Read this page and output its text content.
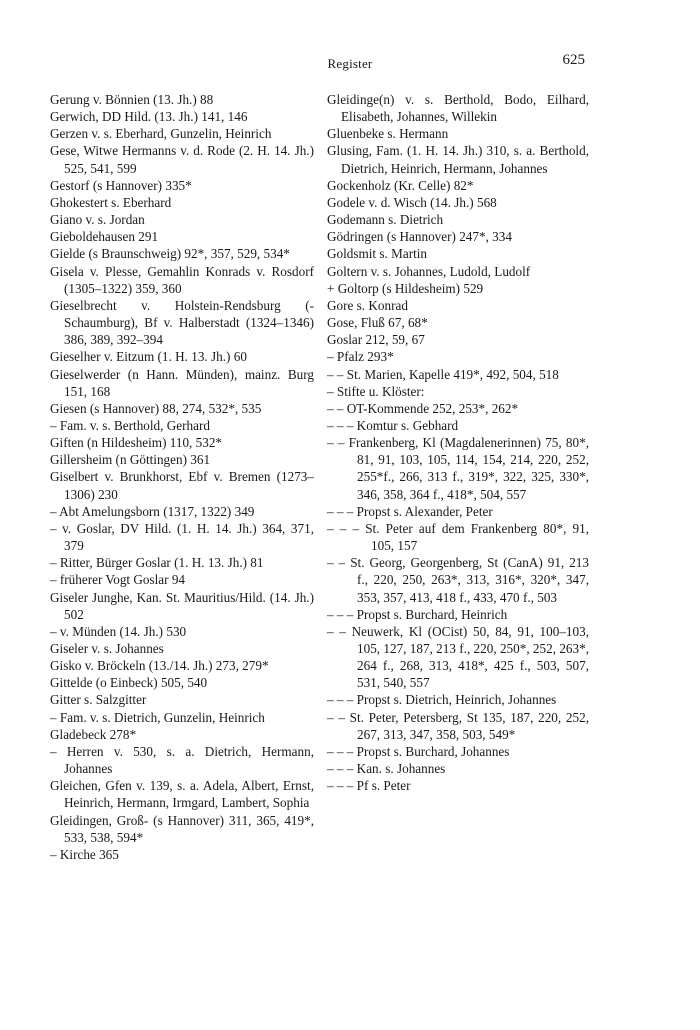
Register	625
Gerung v. Bönnien (13. Jh.) 88
Gerwich, DD Hild. (13. Jh.) 141, 146
Gerzen v. s. Eberhard, Gunzelin, Heinrich
Gese, Witwe Hermanns v. d. Rode (2. H. 14. Jh.) 525, 541, 599
Gestorf (s Hannover) 335*
Ghokestert s. Eberhard
Giano v. s. Jordan
Gieboldehausen 291
Gielde (s Braunschweig) 92*, 357, 529, 534*
Gisela v. Plesse, Gemahlin Konrads v. Rosdorf (1305–1322) 359, 360
Gieselbrecht v. Holstein-Rendsburg (-Schaumburg), Bf v. Halberstadt (1324–1346) 386, 389, 392–394
Gieselher v. Eitzum (1. H. 13. Jh.) 60
Gieselwerder (n Hann. Münden), mainz. Burg 151, 168
Giesen (s Hannover) 88, 274, 532*, 535
– Fam. v. s. Berthold, Gerhard
Giften (n Hildesheim) 110, 532*
Gillersheim (n Göttingen) 361
Giselbert v. Brunkhorst, Ebf v. Bremen (1273–1306) 230
– Abt Amelungsborn (1317, 1322) 349
– v. Goslar, DV Hild. (1. H. 14. Jh.) 364, 371, 379
– Ritter, Bürger Goslar (1. H. 13. Jh.) 81
– früherer Vogt Goslar 94
Giseler Junghe, Kan. St. Mauritius/Hild. (14. Jh.) 502
– v. Münden (14. Jh.) 530
Giseler v. s. Johannes
Gisko v. Bröckeln (13./14. Jh.) 273, 279*
Gittelde (o Einbeck) 505, 540
Gitter s. Salzgitter
– Fam. v. s. Dietrich, Gunzelin, Heinrich
Gladebeck 278*
– Herren v. 530, s. a. Dietrich, Hermann, Johannes
Gleichen, Gfen v. 139, s. a. Adela, Albert, Ernst, Heinrich, Hermann, Irmgard, Lambert, Sophia
Gleidingen, Groß- (s Hannover) 311, 365, 419*, 533, 538, 594*
– Kirche 365
Gleidinge(n) v. s. Berthold, Bodo, Eilhard, Elisabeth, Johannes, Willekin
Gluenbeke s. Hermann
Glusing, Fam. (1. H. 14. Jh.) 310, s. a. Berthold, Dietrich, Heinrich, Hermann, Johannes
Gockenholz (Kr. Celle) 82*
Godele v. d. Wisch (14. Jh.) 568
Godemann s. Dietrich
Gödringen (s Hannover) 247*, 334
Goldsmit s. Martin
Goltern v. s. Johannes, Ludold, Ludolf
+ Goltorp (s Hildesheim) 529
Gore s. Konrad
Gose, Fluß 67, 68*
Goslar 212, 59, 67
– Pfalz 293*
– – St. Marien, Kapelle 419*, 492, 504, 518
– Stifte u. Klöster:
– – OT-Kommende 252, 253*, 262*
– – – Komtur s. Gebhard
– – Frankenberg, Kl (Magdalenerinnen) 75, 80*, 81, 91, 103, 105, 114, 154, 214, 220, 252, 255*f., 266, 313 f., 319*, 322, 325, 330*, 346, 358, 364 f., 418*, 504, 557
– – – Propst s. Alexander, Peter
– – – St. Peter auf dem Frankenberg 80*, 91, 105, 157
– – St. Georg, Georgenberg, St (CanA) 91, 213 f., 220, 250, 263*, 313, 316*, 320*, 347, 353, 357, 413, 418 f., 433, 470 f., 503
– – – Propst s. Burchard, Heinrich
– – Neuwerk, Kl (OCist) 50, 84, 91, 100–103, 105, 127, 187, 213 f., 220, 250*, 252, 263*, 264 f., 268, 313, 418*, 425 f., 503, 507, 531, 540, 557
– – – Propst s. Dietrich, Heinrich, Johannes
– – St. Peter, Petersberg, St 135, 187, 220, 252, 267, 313, 347, 358, 503, 549*
– – – Propst s. Burchard, Johannes
– – – Kan. s. Johannes
– – – Pf s. Peter
